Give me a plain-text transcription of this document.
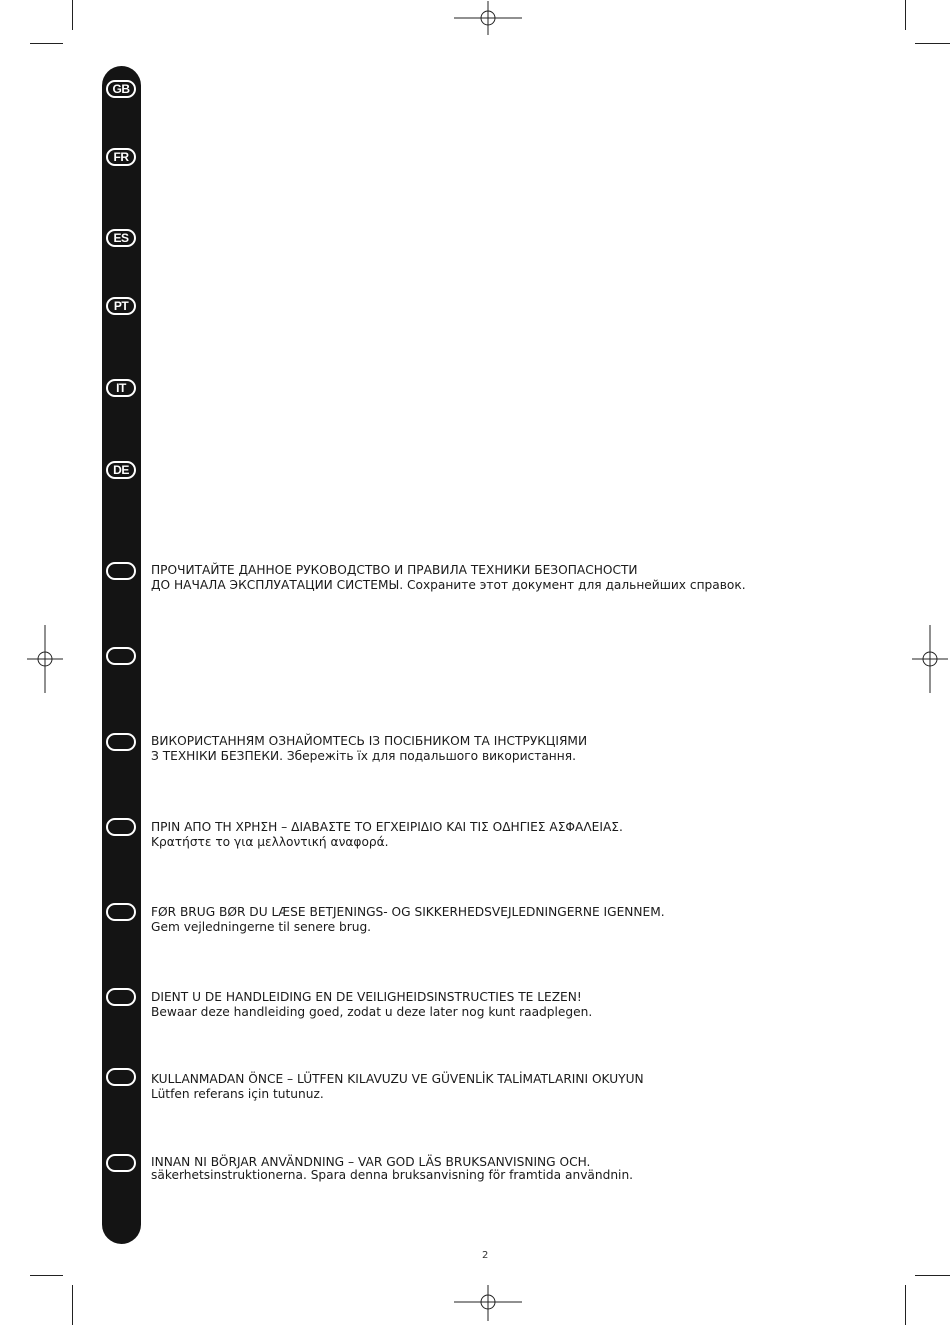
GB
FR
ES
PT
IT
DE
ПРОЧИТАЙТЕ ДАННОЕ РУКОВОДСТВО И ПРАВИЛА ТЕХНИКИ БЕЗОПАСНОСТИ
ДО НАЧАЛА ЭКСПЛУАТАЦИИ СИСТЕМЫ. Сохраните этот документ для дальнейших справок.
ВИКОРИСТАННЯМ ОЗНАЙОМТЕСЬ ІЗ ПОСІБНИКОМ ТА ІНСТРУКЦІЯМИ
З ТЕХНІКИ БЕЗПЕКИ. Збережіть їх для подальшого використання.
ΠΡΙΝ ΑΠΟ ΤΗ ΧΡΗΣΗ – ΔΙΑΒΑΣΤΕ ΤΟ ΕΓΧΕΙΡΙΔΙΟ ΚΑΙ ΤΙΣ ΟΔΗΓΙΕΣ ΑΣΦΑΛΕΙΑΣ.
Κρατήστε το για μελλοντική αναφορά.
FØR BRUG BØR DU LÆSE BETJENINGS- OG SIKKERHEDSVEJLEDNINGERNE IGENNEM.
Gem vejledningerne til senere brug.
DIENT U DE HANDLEIDING EN DE VEILIGHEIDSINSTRUCTIES TE LEZEN!
Bewaar deze handleiding goed, zodat u deze later nog kunt raadplegen.
KULLANMADAN ÖNCE – LÜTFEN KILAVUZU VE GÜVENLİK TALİMATLARINI OKUYUN
Lütfen referans için tutunuz.
INNAN NI BÖRJAR ANVÄNDNING – VAR GOD LÄS BRUKSANVISNING OCH.
säkerhetsinstruktionerna. Spara denna bruksanvisning för framtida användnin.
2
